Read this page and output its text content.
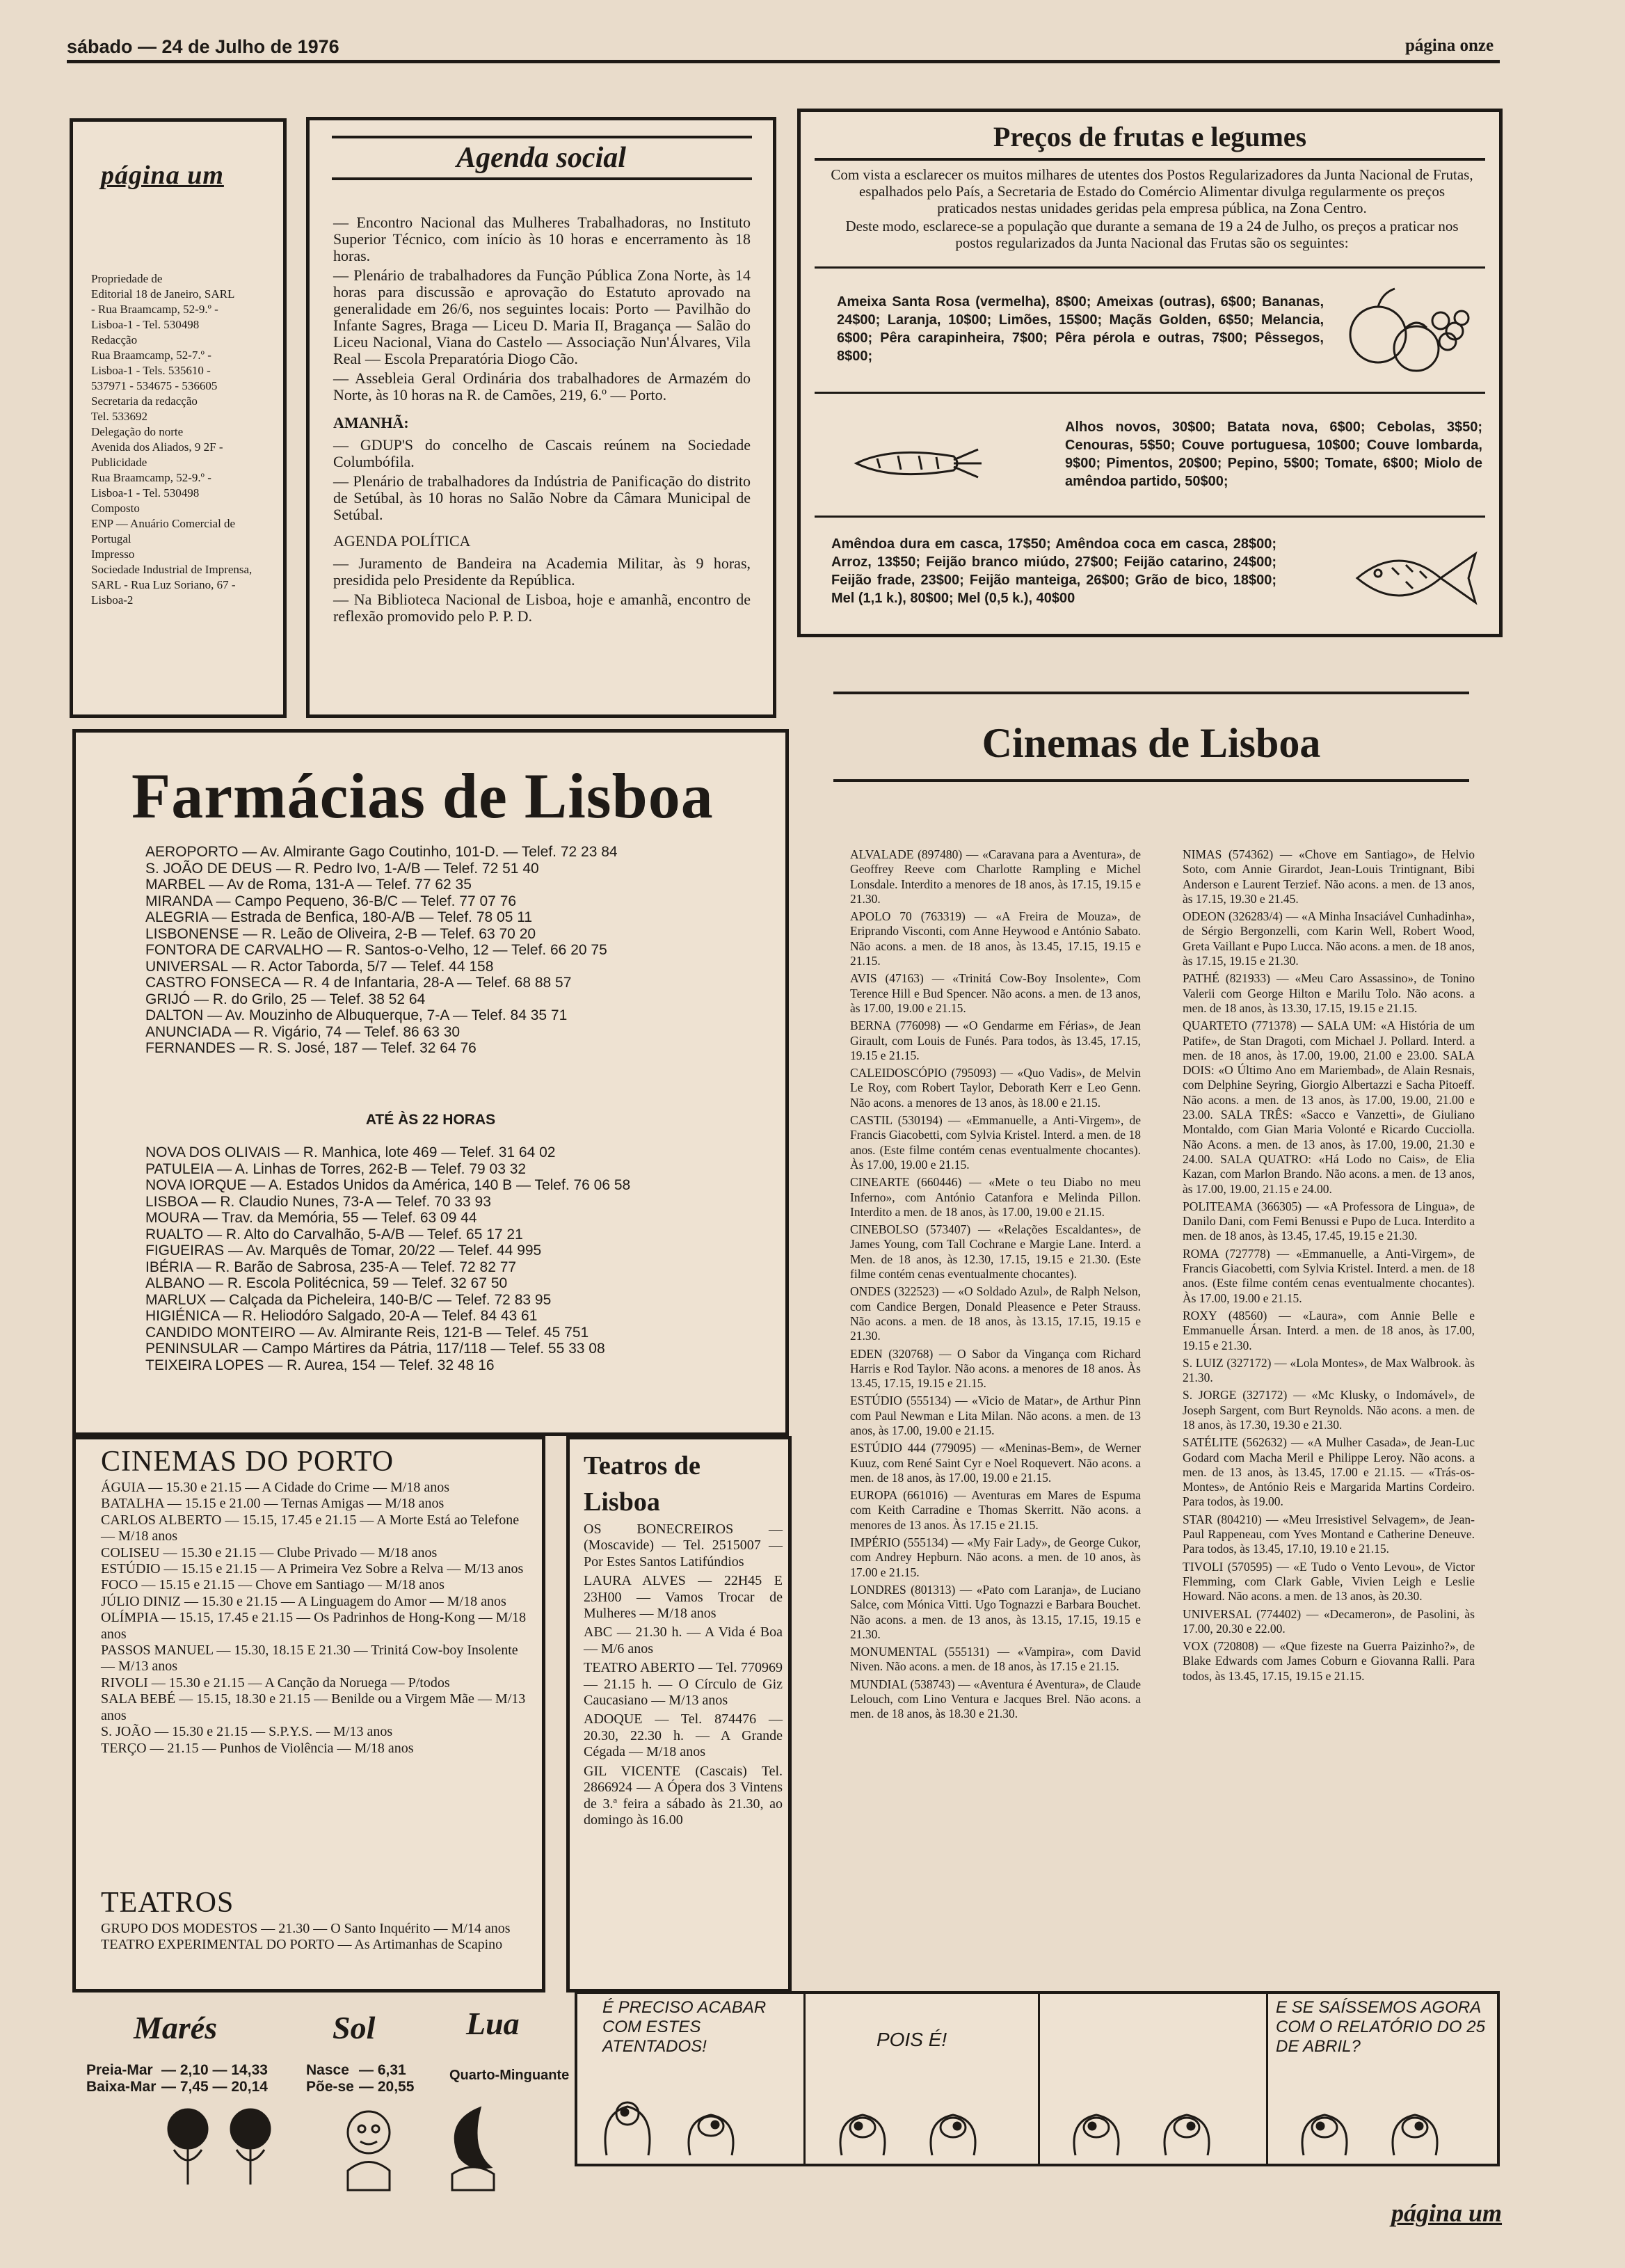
sábado — 24 de Julho de 1976	página onze
página um
Propriedade de
Editorial 18 de Janeiro, SARL
- Rua Braamcamp, 52-9.º -
Lisboa-1 - Tel. 530498
Redacção
Rua Braamcamp, 52-7.º -
Lisboa-1 - Tels. 535610 -
537971 - 534675 - 536605
Secretaria da redacção
Tel. 533692
Delegação do norte
Avenida dos Aliados, 9 2F -
Publicidade
Rua Braamcamp, 52-9.º -
Lisboa-1 - Tel. 530498
Composto
ENP — Anuário Comercial de Portugal
Impresso
Sociedade Industrial de Imprensa, SARL - Rua Luz Soriano, 67 - Lisboa-2
Agenda social
— Encontro Nacional das Mulheres Trabalhadoras, no Instituto Superior Técnico, com início às 10 horas e encerramento às 18 horas.
— Plenário de trabalhadores da Função Pública Zona Norte, às 14 horas para discussão e aprovação do Estatuto aprovado na generalidade em 26/6, nos seguintes locais: Porto — Pavilhão do Infante Sagres, Braga — Liceu D. Maria II, Bragança — Salão do Liceu Nacional, Viana do Castelo — Associação Nun'Álvares, Vila Real — Escola Preparatória Diogo Cão.
— Assebleia Geral Ordinária dos trabalhadores de Armazém do Norte, às 10 horas na R. de Camões, 219, 6.º — Porto.
AMANHÃ:
— GDUP'S do concelho de Cascais reúnem na Sociedade Columbófila.
— Plenário de trabalhadores da Indústria de Panificação do distrito de Setúbal, às 10 horas no Salão Nobre da Câmara Municipal de Setúbal.
AGENDA POLÍTICA
— Juramento de Bandeira na Academia Militar, às 9 horas, presidida pelo Presidente da República.
— Na Biblioteca Nacional de Lisboa, hoje e amanhã, encontro de reflexão promovido pelo P. P. D.
Preços de frutas e legumes

Com vista a esclarecer os muitos milhares de utentes dos Postos Regularizadores da Junta Nacional de Frutas, espalhados pelo País, a Secretaria de Estado do Comércio Alimentar divulga regularmente os preços praticados nestas unidades geridas pela empresa pública, na Zona Centro.

Deste modo, esclarece-se a população que durante a semana de 19 a 24 de Julho, os preços a praticar nos postos regularizados da Junta Nacional das Frutas são os seguintes:

Ameixa Santa Rosa (vermelha), 8$00; Ameixas (outras), 6$00; Bananas, 24$00; Laranja, 10$00; Limões, 15$00; Maçãs Golden, 6$50; Melancia, 6$00; Pêra carapinheira, 7$00; Pêra pérola e outras, 7$00; Pêssegos, 8$00;
Alhos novos, 30$00; Batata nova, 6$00; Cebolas, 3$50; Cenouras, 5$50; Couve portuguesa, 10$00; Couve lombarda, 9$00; Pimentos, 20$00; Pepino, 5$00; Tomate, 6$00; Miolo de amêndoa partido, 50$00;
Amêndoa dura em casca, 17$50; Amêndoa coca em casca, 28$00; Arroz, 13$50; Feijão branco miúdo, 27$00; Feijão catarino, 24$00; Feijão frade, 23$00; Feijão manteiga, 26$00; Grão de bico, 18$00; Mel (1,1 k.), 80$00; Mel (0,5 k.), 40$00
Farmácias de Lisboa
AEROPORTO — Av. Almirante Gago Coutinho, 101-D. — Telef. 72 23 84
S. JOÃO DE DEUS — R. Pedro Ivo, 1-A/B — Telef. 72 51 40
MARBEL — Av de Roma, 131-A — Telef. 77 62 35
MIRANDA — Campo Pequeno, 36-B/C — Telef. 77 07 76
ALEGRIA — Estrada de Benfica, 180-A/B — Telef. 78 05 11
LISBONENSE — R. Leão de Oliveira, 2-B — Telef. 63 70 20
FONTORA DE CARVALHO — R. Santos-o-Velho, 12 — Telef. 66 20 75
UNIVERSAL — R. Actor Taborda, 5/7 — Telef. 44 158
CASTRO FONSECA — R. 4 de Infantaria, 28-A — Telef. 68 88 57
GRIJÓ — R. do Grilo, 25 — Telef. 38 52 64
DALTON — Av. Mouzinho de Albuquerque, 7-A — Telef. 84 35 71
ANUNCIADA — R. Vigário, 74 — Telef. 86 63 30
FERNANDES — R. S. José, 187 — Telef. 32 64 76
ATÉ ÀS 22 HORAS
NOVA DOS OLIVAIS — R. Manhica, lote 469 — Telef. 31 64 02
PATULEIA — A. Linhas de Torres, 262-B — Telef. 79 03 32
NOVA IORQUE — A. Estados Unidos da América, 140 B — Telef. 76 06 58
LISBOA — R. Claudio Nunes, 73-A — Telef. 70 33 93
MOURA — Trav. da Memória, 55 — Telef. 63 09 44
RUALTO — R. Alto do Carvalhão, 5-A/B — Telef. 65 17 21
FIGUEIRAS — Av. Marquês de Tomar, 20/22 — Telef. 44 995
IBÉRIA — R. Barão de Sabrosa, 235-A — Telef. 72 82 77
ALBANO — R. Escola Politécnica, 59 — Telef. 32 67 50
MARLUX — Calçada da Picheleira, 140-B/C — Telef. 72 83 95
HIGIÉNICA — R. Heliodóro Salgado, 20-A — Telef. 84 43 61
CANDIDO MONTEIRO — Av. Almirante Reis, 121-B — Telef. 45 751
PENINSULAR — Campo Mártires da Pátria, 117/118 — Telef. 55 33 08
TEIXEIRA LOPES — R. Aurea, 154 — Telef. 32 48 16
Cinemas de Lisboa
ALVALADE (897480) — «Caravana para a Aventura», de Geoffrey Reeve com Charlotte Rampling e Michel Lonsdale. Interdito a menores de 18 anos, às 17.15, 19.15 e 21.30.
APOLO 70 (763319) — «A Freira de Mouza», de Eriprando Visconti, com Anne Heywood e António Sabato. Não acons. a men. de 18 anos, às 13.45, 17.15, 19.15 e 21.15.
AVIS (47163) — «Trinitá Cow-Boy Insolente», Com Terence Hill e Bud Spencer. Não acons. a men. de 13 anos, às 17.00, 19.00 e 21.15.
BERNA (776098) — «O Gendarme em Férias», de Jean Girault, com Louis de Funés. Para todos, às 13.45, 17.15, 19.15 e 21.15.
CALEIDOSCÓPIO (795093) — «Quo Vadis», de Melvin Le Roy, com Robert Taylor, Deborath Kerr e Leo Genn. Não acons. a menores de 13 anos, às 18.00 e 21.15.
CASTIL (530194) — «Emmanuelle, a Anti-Virgem», de Francis Giacobetti, com Sylvia Kristel. Interd. a men. de 18 anos. (Este filme contém cenas eventualmente chocantes). Às 17.00, 19.00 e 21.15.
CINEARTE (660446) — «Mete o teu Diabo no meu Inferno», com António Catanfora e Melinda Pillon. Interdito a men. de 18 anos, às 17.00, 19.00 e 21.15.
CINEBOLSO (573407) — «Relações Escaldantes», de James Young, com Tall Cochrane e Margie Lane. Interd. a Men. de 18 anos, às 12.30, 17.15, 19.15 e 21.30. (Este filme contém cenas eventualmente chocantes).
ONDES (322523) — «O Soldado Azul», de Ralph Nelson, com Candice Bergen, Donald Pleasence e Peter Strauss. Não acons. a men. de 18 anos, às 13.15, 17.15, 19.15 e 21.30.
EDEN (320768) — O Sabor da Vingança com Richard Harris e Rod Taylor. Não acons. a menores de 18 anos. Às 13.45, 17.15, 19.15 e 21.15.
ESTÚDIO (555134) — «Vicio de Matar», de Arthur Pinn com Paul Newman e Lita Milan. Não acons. a men. de 13 anos, às 17.00, 19.00 e 21.15.
ESTÚDIO 444 (779095) — «Meninas-Bem», de Werner Kuuz, com René Saint Cyr e Noel Roquevert. Não acons. a men. de 18 anos, às 17.00, 19.00 e 21.15.
EUROPA (661016) — Aventuras em Mares de Espuma com Keith Carradine e Thomas Skerritt. Não acons. a menores de 13 anos. Às 17.15 e 21.15.
IMPÉRIO (555134) — «My Fair Lady», de George Cukor, com Andrey Hepburn. Não acons. a men. de 10 anos, às 17.00 e 21.15.
LONDRES (801313) — «Pato com Laranja», de Luciano Salce, com Mónica Vitti. Ugo Tognazzi e Barbara Bouchet. Não acons. a men. de 13 anos, às 13.15, 17.15, 19.15 e 21.30.
MONUMENTAL (555131) — «Vampira», com David Niven. Não acons. a men. de 18 anos, às 17.15 e 21.15.
MUNDIAL (538743) — «Aventura é Aventura», de Claude Lelouch, com Lino Ventura e Jacques Brel. Não acons. a men. de 18 anos, às 18.30 e 21.30.
NIMAS (574362) — «Chove em Santiago», de Helvio Soto, com Annie Girardot, Jean-Louis Trintignant, Bibi Anderson e Laurent Terzief. Não acons. a men. de 13 anos, às 17.15, 19.30 e 21.45.
ODEON (326283/4) — «A Minha Insaciável Cunhadinha», de Sérgio Bergonzelli, com Karin Well, Robert Wood, Greta Vaillant e Pupo Lucca. Não acons. a men. de 18 anos, às 17.15, 19.15 e 21.30.
PATHÉ (821933) — «Meu Caro Assassino», de Tonino Valerii com George Hilton e Marilu Tolo. Não acons. a men. de 18 anos, às 13.30, 17.15, 19.15 e 21.15.
QUARTETO (771378) — SALA UM: «A História de um Patife», de Stan Dragoti, com Michael J. Pollard. Interd. a men. de 18 anos, às 17.00, 19.00, 21.00 e 23.00. SALA DOIS: «O Último Ano em Mariembad», de Alain Resnais, com Delphine Seyring, Giorgio Albertazzi e Sacha Pitoeff. Não acons. a men. de 13 anos, às 17.00, 19.00, 21.00 e 23.00. SALA TRÊS: «Sacco e Vanzetti», de Giuliano Montaldo, com Gian Maria Volonté e Ricardo Cucciolla. Não Acons. a men. de 13 anos, às 17.00, 19.00, 21.30 e 24.00. SALA QUATRO: «Há Lodo no Cais», de Elia Kazan, com Marlon Brando. Não acons. a men. de 13 anos, às 17.00, 19.00, 21.15 e 24.00.
POLITEAMA (366305) — «A Professora de Lingua», de Danilo Dani, com Femi Benussi e Pupo de Luca. Interdito a men. de 18 anos, às 13.45, 17.45, 19.15 e 21.30.
ROMA (727778) — «Emmanuelle, a Anti-Virgem», de Francis Giacobetti, com Sylvia Kristel. Interd. a men. de 18 anos. (Este filme contém cenas eventualmente chocantes). Às 17.00, 19.00 e 21.15.
ROXY (48560) — «Laura», com Annie Belle e Emmanuelle Ársan. Interd. a men. de 18 anos, às 17.00, 19.15 e 21.30.
S. LUIZ (327172) — «Lola Montes», de Max Walbrook. às 21.30.
S. JORGE (327172) — «Mc Klusky, o Indomável», de Joseph Sargent, com Burt Reynolds. Não acons. a men. de 18 anos, às 17.30, 19.30 e 21.30.
SATÉLITE (562632) — «A Mulher Casada», de Jean-Luc Godard com Macha Meril e Philippe Leroy. Não acons. a men. de 13 anos, às 13.45, 17.00 e 21.15. — «Trás-os-Montes», de António Reis e Margarida Martins Cordeiro. Para todos, às 19.00.
STAR (804210) — «Meu Irresistivel Selvagem», de Jean-Paul Rappeneau, com Yves Montand e Catherine Deneuve. Para todos, às 13.45, 17.10, 19.10 e 21.15.
TIVOLI (570595) — «E Tudo o Vento Levou», de Victor Flemming, com Clark Gable, Vivien Leigh e Leslie Howard. Não acons. a men. de 13 anos, às 20.30.
UNIVERSAL (774402) — «Decameron», de Pasolini, às 17.00, 20.30 e 22.00.
VOX (720808) — «Que fizeste na Guerra Paizinho?», de Blake Edwards com James Coburn e Giovanna Ralli. Para todos, às 13.45, 17.15, 19.15 e 21.15.
CINEMAS DO PORTO
ÁGUIA — 15.30 e 21.15 — A Cidade do Crime — M/18 anos
BATALHA — 15.15 e 21.00 — Ternas Amigas — M/18 anos
CARLOS ALBERTO — 15.15, 17.45 e 21.15 — A Morte Está ao Telefone — M/18 anos
COLISEU — 15.30 e 21.15 — Clube Privado — M/18 anos
ESTÚDIO — 15.15 e 21.15 — A Primeira Vez Sobre a Relva — M/13 anos
FOCO — 15.15 e 21.15 — Chove em Santiago — M/18 anos
JÚLIO DINIZ — 15.30 e 21.15 — A Linguagem do Amor — M/18 anos
OLÍMPIA — 15.15, 17.45 e 21.15 — Os Padrinhos de Hong-Kong — M/18 anos
PASSOS MANUEL — 15.30, 18.15 E 21.30 — Trinitá Cow-boy Insolente — M/13 anos
RIVOLI — 15.30 e 21.15 — A Canção da Noruega — P/todos
SALA BEBÉ — 15.15, 18.30 e 21.15 — Benilde ou a Virgem Mãe — M/13 anos
S. JOÃO — 15.30 e 21.15 — S.P.Y.S. — M/13 anos
TERÇO — 21.15 — Punhos de Violência — M/18 anos
TEATROS
GRUPO DOS MODESTOS — 21.30 — O Santo Inquérito — M/14 anos
TEATRO EXPERIMENTAL DO PORTO — As Artimanhas de Scapino
Teatros de Lisboa
OS BONECREIROS — (Moscavide) — Tel. 2515007 — Por Estes Santos Latifúndios
LAURA ALVES — 22H45 E 23H00 — Vamos Trocar de Mulheres — M/18 anos
ABC — 21.30 h. — A Vida é Boa — M/6 anos
TEATRO ABERTO — Tel. 770969 — 21.15 h. — O Círculo de Giz Caucasiano — M/13 anos
ADOQUE — Tel. 874476 — 20.30, 22.30 h. — A Grande Cégada — M/18 anos
GIL VICENTE (Cascais) Tel. 2866924 — A Ópera dos 3 Vintens de 3.ª feira a sábado às 21.30, ao domingo às 16.00
Marés	Sol	Lua
Preia-Mar — 2,10 — 14,33
Baixa-Mar — 7,45 — 20,14
Nasce — 6,31
Põe-se — 20,55
Quarto-Minguante
É PRECISO ACABAR COM ESTES ATENTADOS!	POIS É!
E SE SAÍSSEMOS AGORA COM O RELATÓRIO DO 25 DE ABRIL?
página um
